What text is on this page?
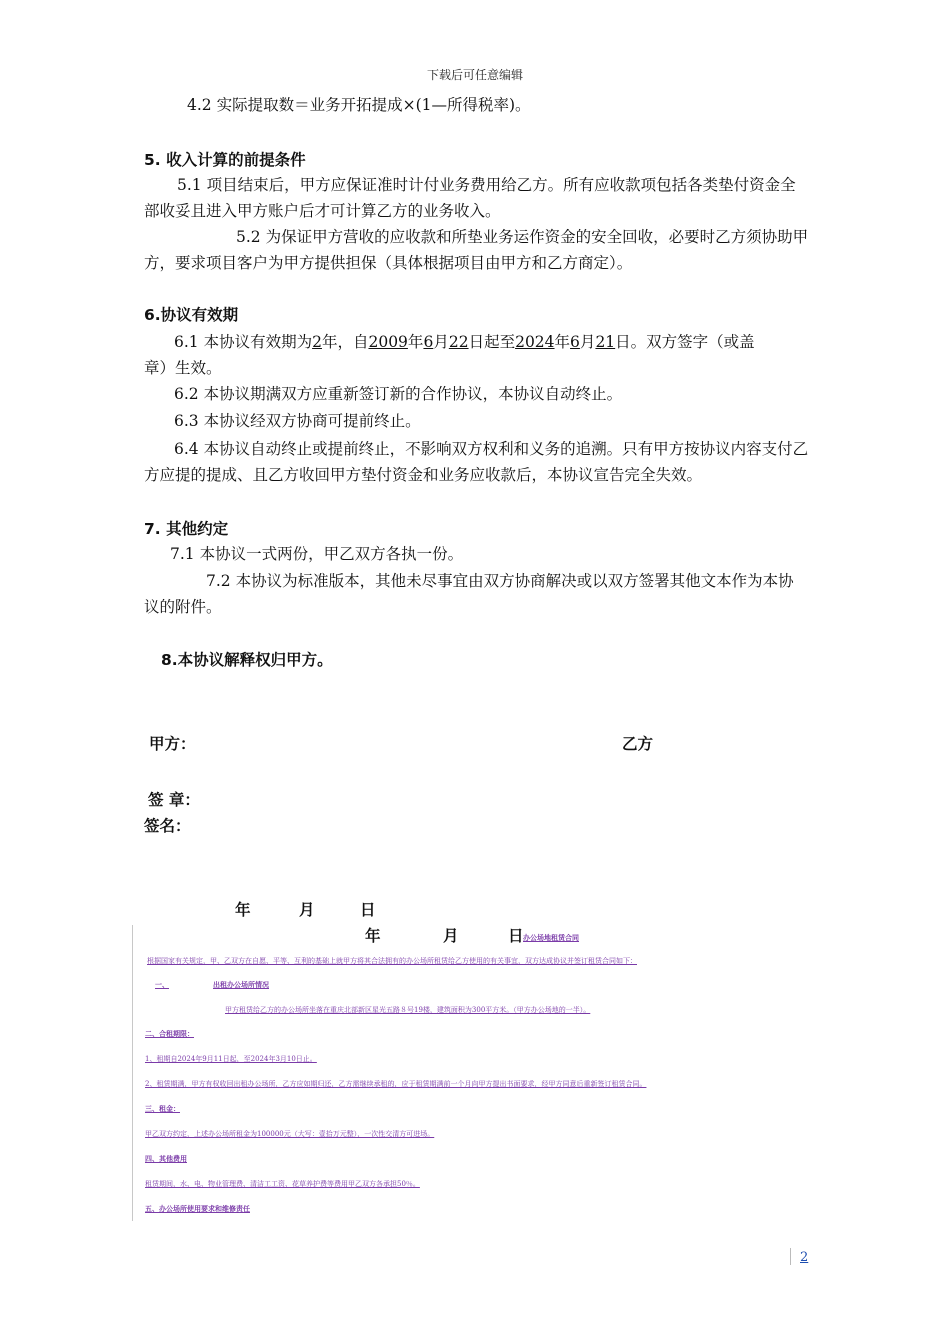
下载后可任意编辑
4.2 实际提取数＝业务开拓提成×(1—所得税率)。
5. 收入计算的前提条件
5.1 项目结束后，甲方应保证准时计付业务费用给乙方。所有应收款项包括各类垫付资金全部收妥且进入甲方账户后才可计算乙方的业务收入。
5.2 为保证甲方营收的应收款和所垫业务运作资金的安全回收，必要时乙方须协助甲方，要求项目客户为甲方提供担保（具体根据项目由甲方和乙方商定）。
6.协议有效期
6.1 本协议有效期为2年，自2009年6月22日起至2024年6月21日。双方签字（或盖
章）生效。
6.2 本协议期满双方应重新签订新的合作协议，本协议自动终止。
6.3 本协议经双方协商可提前终止。
6.4 本协议自动终止或提前终止，不影响双方权利和义务的追溯。只有甲方按协议内容支付乙方应提的提成、且乙方收回甲方垫付资金和业务应收款后，本协议宣告完全失效。
7. 其他约定
7.1 本协议一式两份，甲乙双方各执一份。
7.2 本协议为标准版本，其他未尽事宜由双方协商解决或以双方签署其他文本作为本协议的附件。
8.本协议解释权归甲方。
甲方：	乙方
签 章：
签名：
年	月	日
年	月	日 办公场地租赁合同
根据国家有关规定，甲、乙双方在自愿、平等、互利的基础上就甲方将其合法拥有的办公场所租赁给乙方使用的有关事宜，双方达成协议并签订租赁合同如下：
一、	出租办公场所情况
甲方租赁给乙方的办公场所坐落在重庆北部新区星光五路８号19楼，建筑面积为300平方米。（甲方办公场地的一半）。
二、合租期限：
1、租期自2024年9月11日起，至2024年3月10日止。
2、租赁期满，甲方有权收回出租办公场所，乙方应如期归还，乙方需继续承租的，应于租赁期满前一个月向甲方提出书面要求，经甲方同意后重新签订租赁合同。
三、租金：
甲乙双方约定，上述办公场所租金为100000元（大写：壹拾万元整），一次性交清方可进场。
四、其他费用
租赁期间，水、电、物业管理费、清洁工工资、花草养护费等费用甲乙双方各承担50％。
五、办公场所使用要求和维修责任
2
